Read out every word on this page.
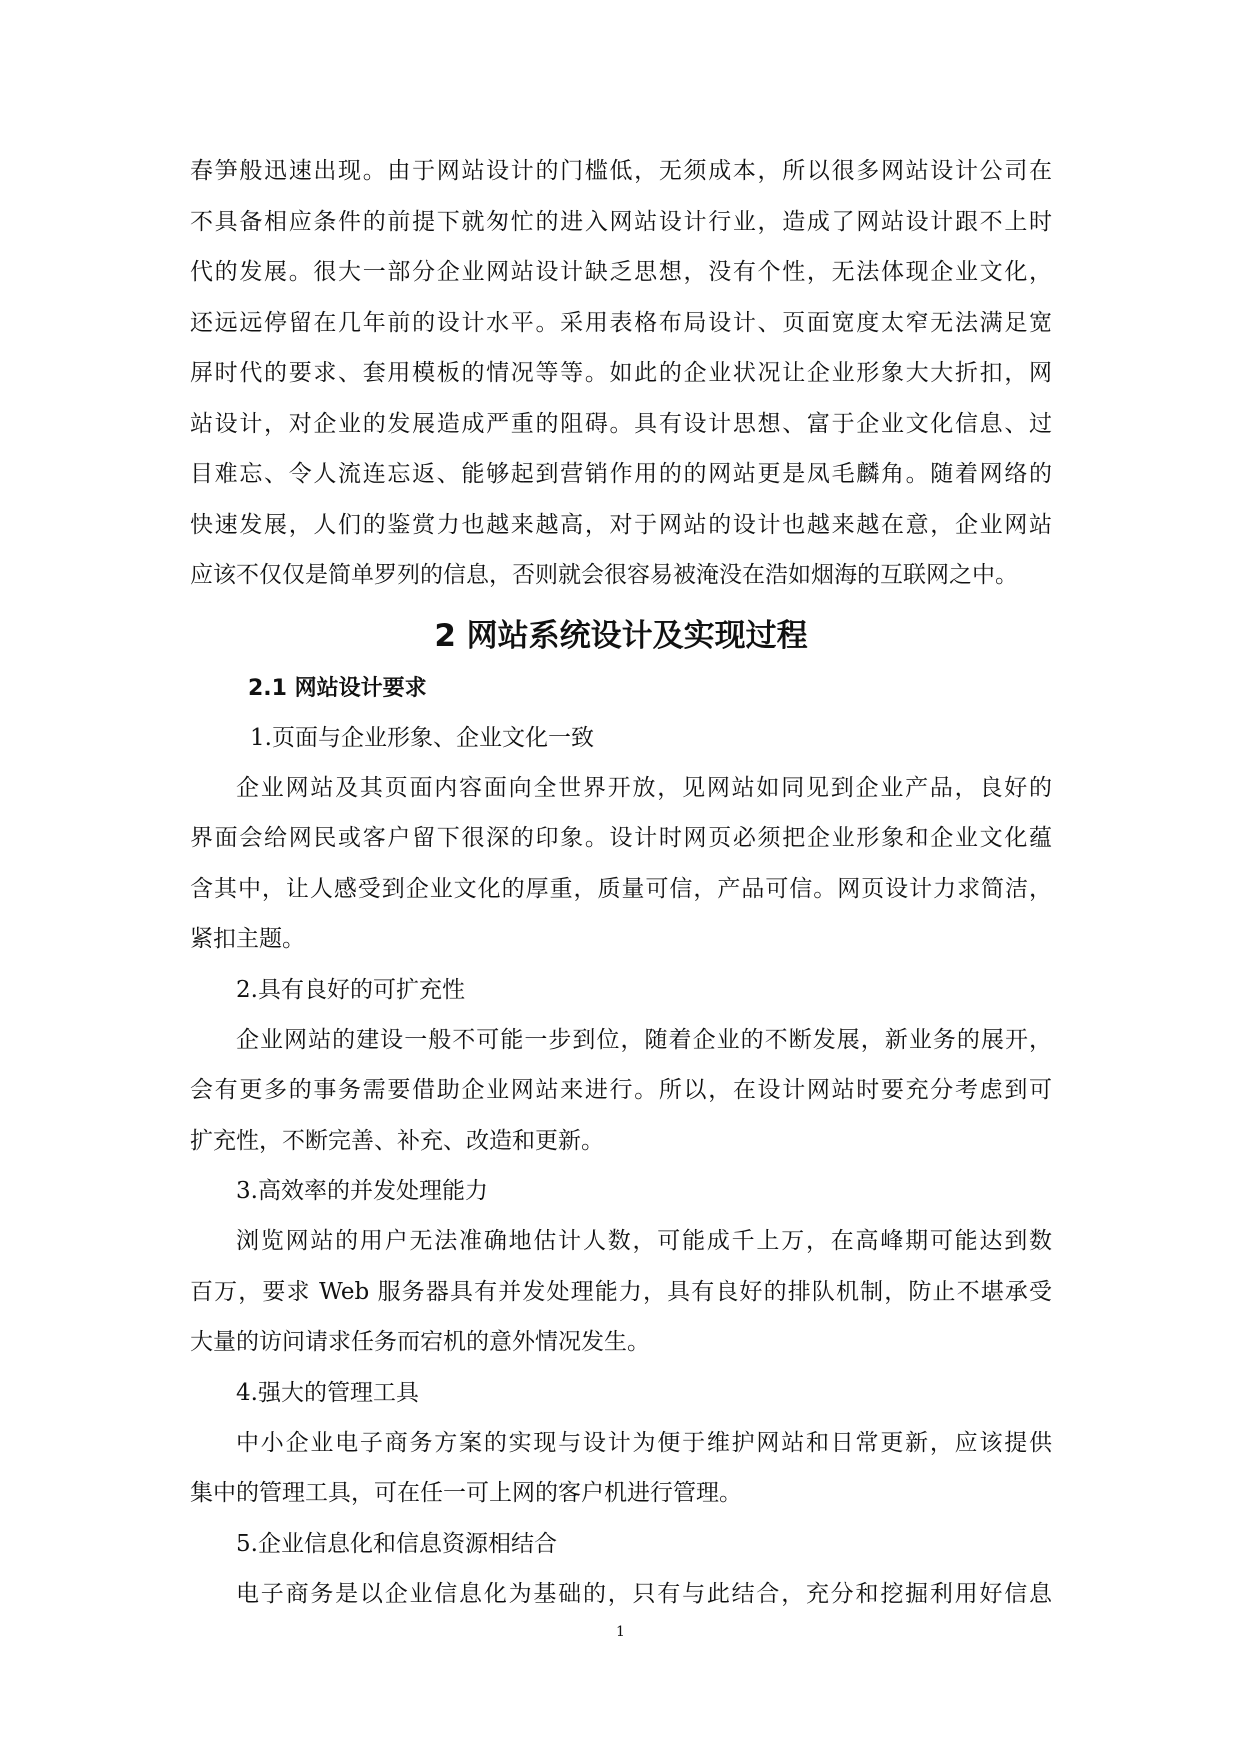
春笋般迅速出现。由于网站设计的门槛低，无须成本，所以很多网站设计公司在
不具备相应条件的前提下就匆忙的进入网站设计行业，造成了网站设计跟不上时
代的发展。很大一部分企业网站设计缺乏思想，没有个性，无法体现企业文化，
还远远停留在几年前的设计水平。采用表格布局设计、页面宽度太窄无法满足宽
屏时代的要求、套用模板的情况等等。如此的企业状况让企业形象大大折扣，网
站设计，对企业的发展造成严重的阻碍。具有设计思想、富于企业文化信息、过
目难忘、令人流连忘返、能够起到营销作用的的网站更是凤毛麟角。随着网络的
快速发展，人们的鉴赏力也越来越高，对于网站的设计也越来越在意，企业网站
应该不仅仅是简单罗列的信息，否则就会很容易被淹没在浩如烟海的互联网之中。
2 网站系统设计及实现过程
2.1 网站设计要求
1.页面与企业形象、企业文化一致
企业网站及其页面内容面向全世界开放，见网站如同见到企业产品，良好的
界面会给网民或客户留下很深的印象。设计时网页必须把企业形象和企业文化蕴
含其中，让人感受到企业文化的厚重，质量可信，产品可信。网页设计力求简洁，
紧扣主题。
2.具有良好的可扩充性
企业网站的建设一般不可能一步到位，随着企业的不断发展，新业务的展开，
会有更多的事务需要借助企业网站来进行。所以，在设计网站时要充分考虑到可
扩充性，不断完善、补充、改造和更新。
3.高效率的并发处理能力
浏览网站的用户无法准确地估计人数，可能成千上万，在高峰期可能达到数
百万，要求 Web 服务器具有并发处理能力，具有良好的排队机制，防止不堪承受
大量的访问请求任务而宕机的意外情况发生。
4.强大的管理工具
中小企业电子商务方案的实现与设计为便于维护网站和日常更新，应该提供
集中的管理工具，可在任一可上网的客户机进行管理。
5.企业信息化和信息资源相结合
电子商务是以企业信息化为基础的，只有与此结合，充分和挖掘利用好信息
1
